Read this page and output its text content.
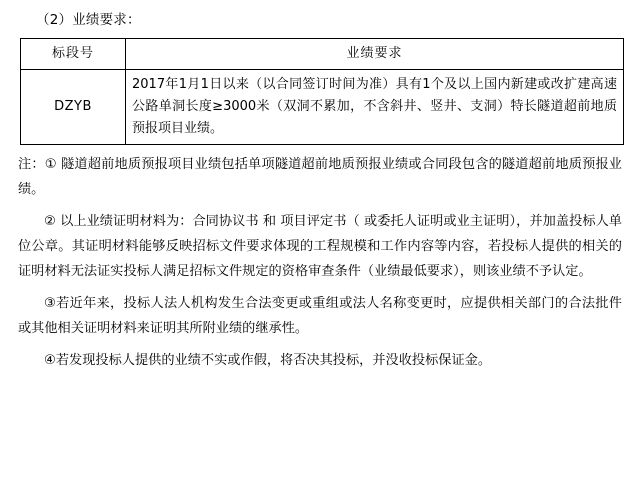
（2）业绩要求：
标段号	业绩要求
DZYB	2017年1月1日以来（以合同签订时间为准）具有1个及以上国内新建或改扩建高速公路单洞长度≥3000米（双洞不累加，不含斜井、竖井、支洞）特长隧道超前地质预报项目业绩。

注：① 隧道超前地质预报项目业绩包括单项隧道超前地质预报业绩或合同段包含的隧道超前地质预报业绩。

② 以上业绩证明材料为：合同协议书 和 项目评定书（ 或委托人证明或业主证明），并加盖投标人单位公章。其证明材料能够反映招标文件要求体现的工程规模和工作内容等内容，若投标人提供的相关的证明材料无法证实投标人满足招标文件规定的资格审查条件（业绩最低要求），则该业绩不予认定。

③若近年来，投标人法人机构发生合法变更或重组或法人名称变更时，应提供相关部门的合法批件或其他相关证明材料来证明其所附业绩的继承性。

④若发现投标人提供的业绩不实或作假，将否决其投标，并没收投标保证金。
